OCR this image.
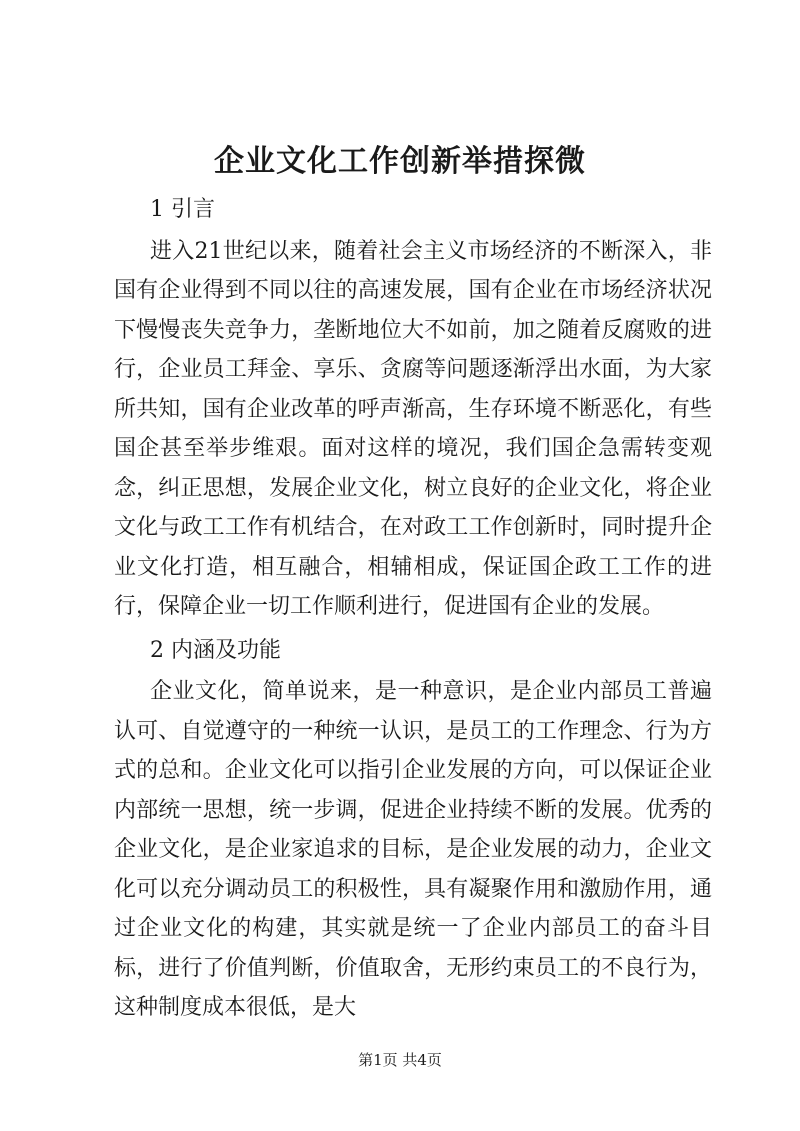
企业文化工作创新举措探微

1 引言

进入21世纪以来，随着社会主义市场经济的不断深入，非国有企业得到不同以往的高速发展，国有企业在市场经济状况下慢慢丧失竞争力，垄断地位大不如前，加之随着反腐败的进行，企业员工拜金、享乐、贪腐等问题逐渐浮出水面，为大家所共知，国有企业改革的呼声渐高，生存环境不断恶化，有些国企甚至举步维艰。面对这样的境况，我们国企急需转变观念，纠正思想，发展企业文化，树立良好的企业文化，将企业文化与政工工作有机结合，在对政工工作创新时，同时提升企业文化打造，相互融合，相辅相成，保证国企政工工作的进行，保障企业一切工作顺利进行，促进国有企业的发展。

2 内涵及功能

企业文化，简单说来，是一种意识，是企业内部员工普遍认可、自觉遵守的一种统一认识，是员工的工作理念、行为方式的总和。企业文化可以指引企业发展的方向，可以保证企业内部统一思想，统一步调，促进企业持续不断的发展。优秀的企业文化，是企业家追求的目标，是企业发展的动力，企业文化可以充分调动员工的积极性，具有凝聚作用和激励作用，通过企业文化的构建，其实就是统一了企业内部员工的奋斗目标，进行了价值判断，价值取舍，无形约束员工的不良行为，这种制度成本很低，是大

第1页 共4页
